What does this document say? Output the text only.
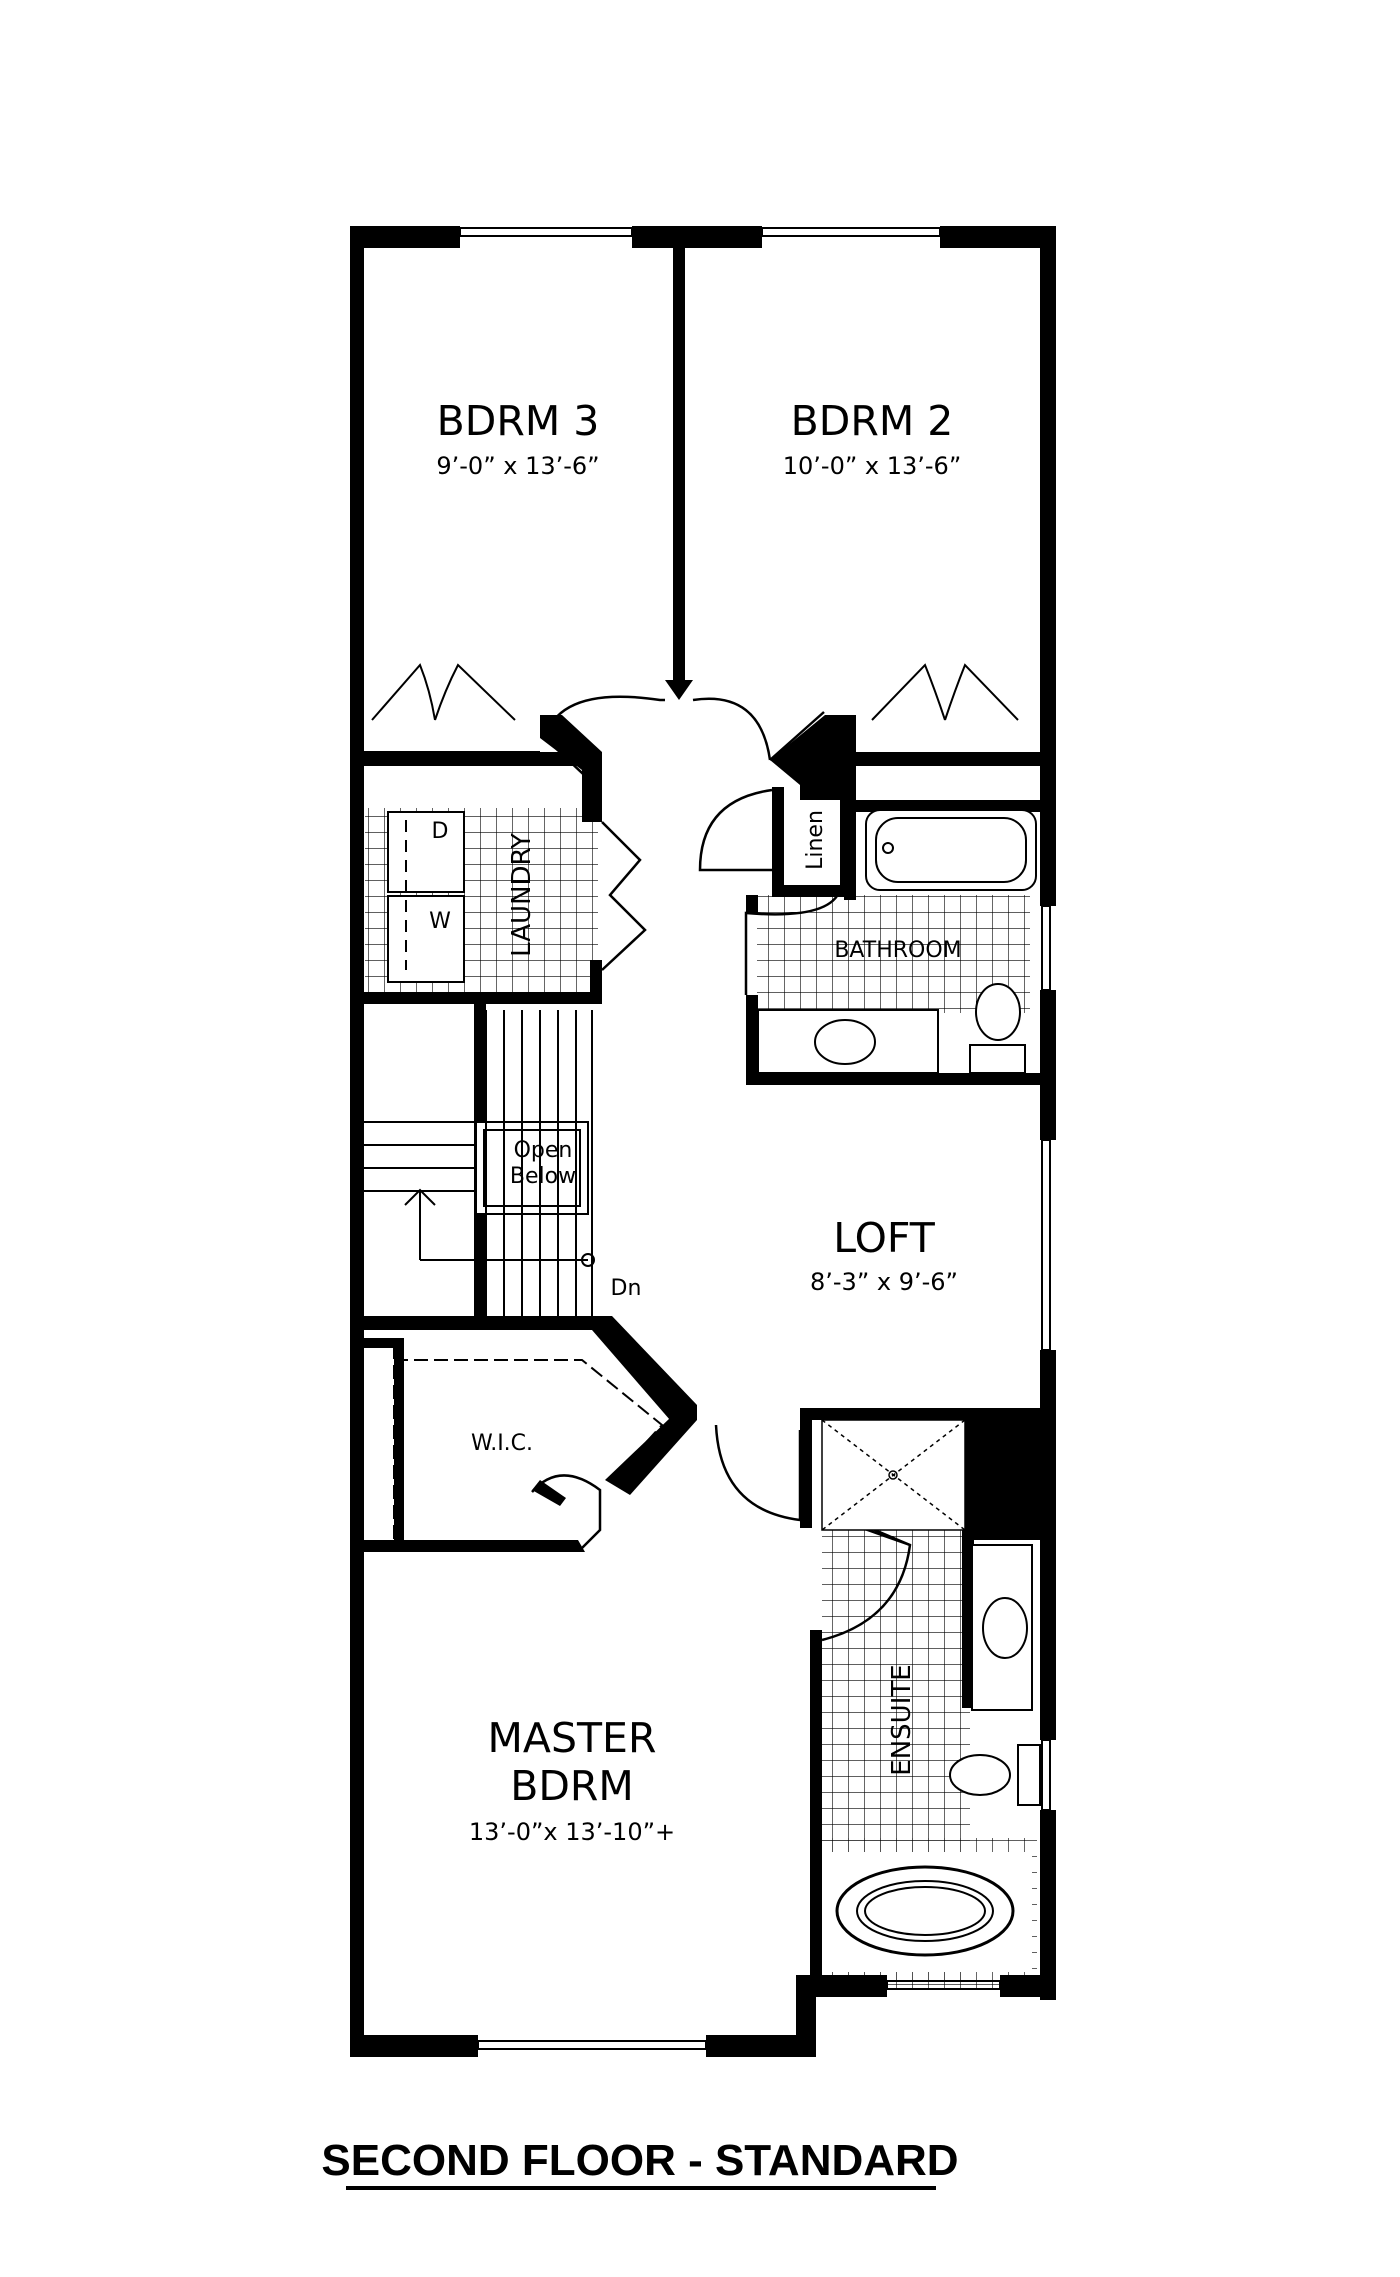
BDRM 3
9’-0” x 13’-6”
BDRM 2
10’-0” x 13’-6”
LAUNDRY
D
W
Linen
BATHROOM
Open
Below
Dn
LOFT
8’-3” x 9’-6”
W.I.C.
ENSUITE
MASTER
BDRM
13’-0”x 13’-10”+
SECOND FLOOR - STANDARD
